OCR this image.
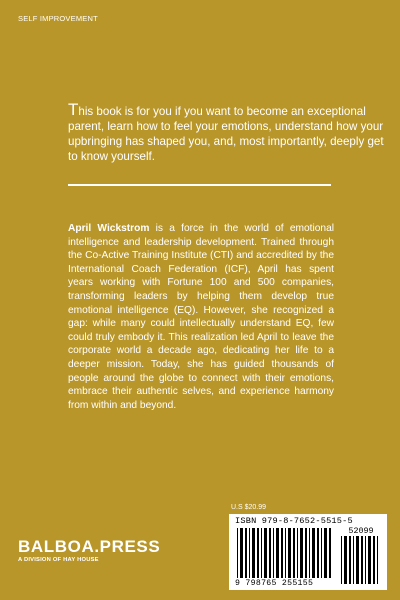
SELF IMPROVEMENT
This book is for you if you want to become an exceptional parent, learn how to feel your emotions, understand how your upbringing has shaped you, and, most importantly, deeply get to know yourself.
April Wickstrom is a force in the world of emotional intelligence and leadership development. Trained through the Co-Active Training Institute (CTI) and accredited by the International Coach Federation (ICF), April has spent years working with Fortune 100 and 500 companies, transforming leaders by helping them develop true emotional intelligence (EQ). However, she recognized a gap: while many could intellectually understand EQ, few could truly embody it. This realization led April to leave the corporate world a decade ago, dedicating her life to a deeper mission. Today, she has guided thousands of people around the globe to connect with their emotions, embrace their authentic selves, and experience harmony from within and beyond.
U.S $20.99
ISBN 979-8-7652-5515-5
9 798765 255155
52099
BALBOA.PRESS
A DIVISION OF HAY HOUSE
